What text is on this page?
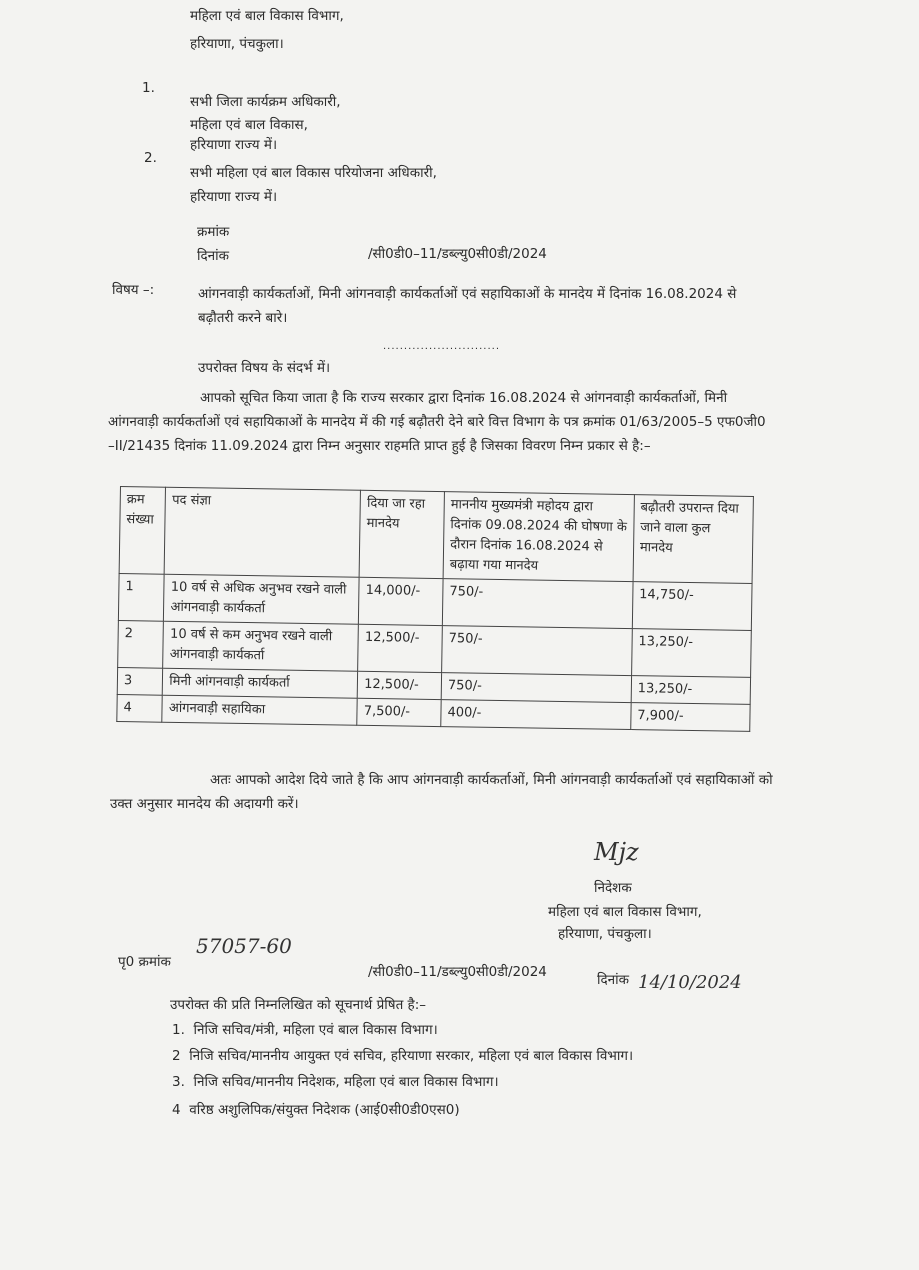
महिला एवं बाल विकास विभाग,
हरियाणा, पंचकुला।
1.
सभी जिला कार्यक्रम अधिकारी,
महिला एवं बाल विकास,
हरियाणा राज्य में।
2.
सभी महिला एवं बाल विकास परियोजना अधिकारी,
हरियाणा राज्य में।
क्रमांक
दिनांक	/सी0डी0–11/डब्ल्यु0सी0डी/2024
विषय –:	आंगनवाड़ी कार्यकर्ताओं, मिनी आंगनवाड़ी कार्यकर्ताओं एवं सहायिकाओं के मानदेय में दिनांक 16.08.2024 से बढ़ौतरी करने बारे।
............................
उपरोक्त विषय के संदर्भ में।
आपको सूचित किया जाता है कि राज्य सरकार द्वारा दिनांक 16.08.2024 से आंगनवाड़ी कार्यकर्ताओं, मिनी आंगनवाड़ी कार्यकर्ताओं एवं सहायिकाओं के मानदेय में की गई बढ़ौतरी देने बारे वित्त विभाग के पत्र क्रमांक 01/63/2005–5 एफ0जी0 –II/21435 दिनांक 11.09.2024 द्वारा निम्न अनुसार राहमति प्राप्त हुई है जिसका विवरण निम्न प्रकार से है:–
क्रम संख्या	पद संज्ञा	दिया जा रहा मानदेय	माननीय मुख्यमंत्री महोदय द्वारा दिनांक 09.08.2024 की घोषणा के दौरान दिनांक 16.08.2024 से बढ़ाया गया मानदेय	बढ़ौतरी उपरान्त दिया जाने वाला कुल मानदेय
1	10 वर्ष से अधिक अनुभव रखने वाली आंगनवाड़ी कार्यकर्ता	14,000/-	750/-	14,750/-
2	10 वर्ष से कम अनुभव रखने वाली आंगनवाड़ी कार्यकर्ता	12,500/-	750/-	13,250/-
3	मिनी आंगनवाड़ी कार्यकर्ता	12,500/-	750/-	13,250/-
4	आंगनवाड़ी सहायिका	7,500/-	400/-	7,900/-
अतः आपको आदेश दिये जाते है कि आप आंगनवाड़ी कार्यकर्ताओं, मिनी आंगनवाड़ी कार्यकर्ताओं एवं सहायिकाओं को उक्त अनुसार मानदेय की अदायगी करें।
Mjz
निदेशक
महिला एवं बाल विकास विभाग,
हरियाणा, पंचकुला।
पृ0 क्रमांक
57057-60
/सी0डी0–11/डब्ल्यु0सी0डी/2024	दिनांक 14/10/2024
उपरोक्त की प्रति निम्नलिखित को सूचनार्थ प्रेषित है:–
1. निजि सचिव/मंत्री, महिला एवं बाल विकास विभाग।
2 निजि सचिव/माननीय आयुक्त एवं सचिव, हरियाणा सरकार, महिला एवं बाल विकास विभाग।
3. निजि सचिव/माननीय निदेशक, महिला एवं बाल विकास विभाग।
4 वरिष्ठ अशुलिपिक/संयुक्त निदेशक (आई0सी0डी0एस0)
